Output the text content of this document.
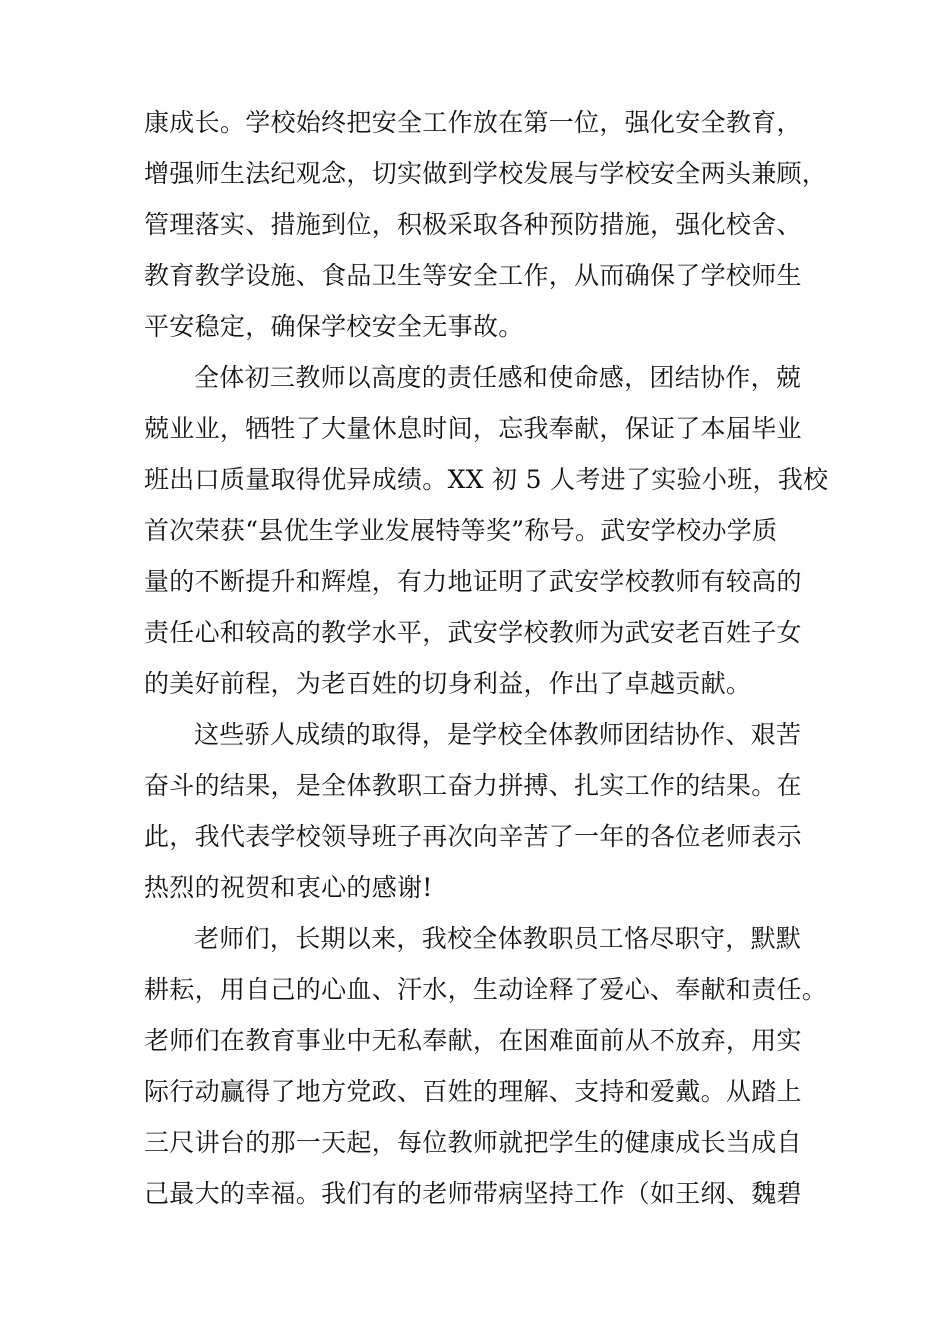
康成长。学校始终把安全工作放在第一位，强化安全教育，
增强师生法纪观念，切实做到学校发展与学校安全两头兼顾，
管理落实、措施到位，积极采取各种预防措施，强化校舍、
教育教学设施、食品卫生等安全工作，从而确保了学校师生
平安稳定，确保学校安全无事故。
全体初三教师以高度的责任感和使命感，团结协作，兢
兢业业，牺牲了大量休息时间，忘我奉献，保证了本届毕业
班出口质量取得优异成绩。XX 初 5 人考进了实验小班，我校
首次荣获“县优生学业发展特等奖”称号。武安学校办学质
量的不断提升和辉煌，有力地证明了武安学校教师有较高的
责任心和较高的教学水平，武安学校教师为武安老百姓子女
的美好前程，为老百姓的切身利益，作出了卓越贡献。
这些骄人成绩的取得，是学校全体教师团结协作、艰苦
奋斗的结果，是全体教职工奋力拼搏、扎实工作的结果。在
此，我代表学校领导班子再次向辛苦了一年的各位老师表示
热烈的祝贺和衷心的感谢!
老师们，长期以来，我校全体教职员工恪尽职守，默默
耕耘，用自己的心血、汗水，生动诠释了爱心、奉献和责任。
老师们在教育事业中无私奉献，在困难面前从不放弃，用实
际行动赢得了地方党政、百姓的理解、支持和爱戴。从踏上
三尺讲台的那一天起，每位教师就把学生的健康成长当成自
己最大的幸福。我们有的老师带病坚持工作（如王纲、魏碧
